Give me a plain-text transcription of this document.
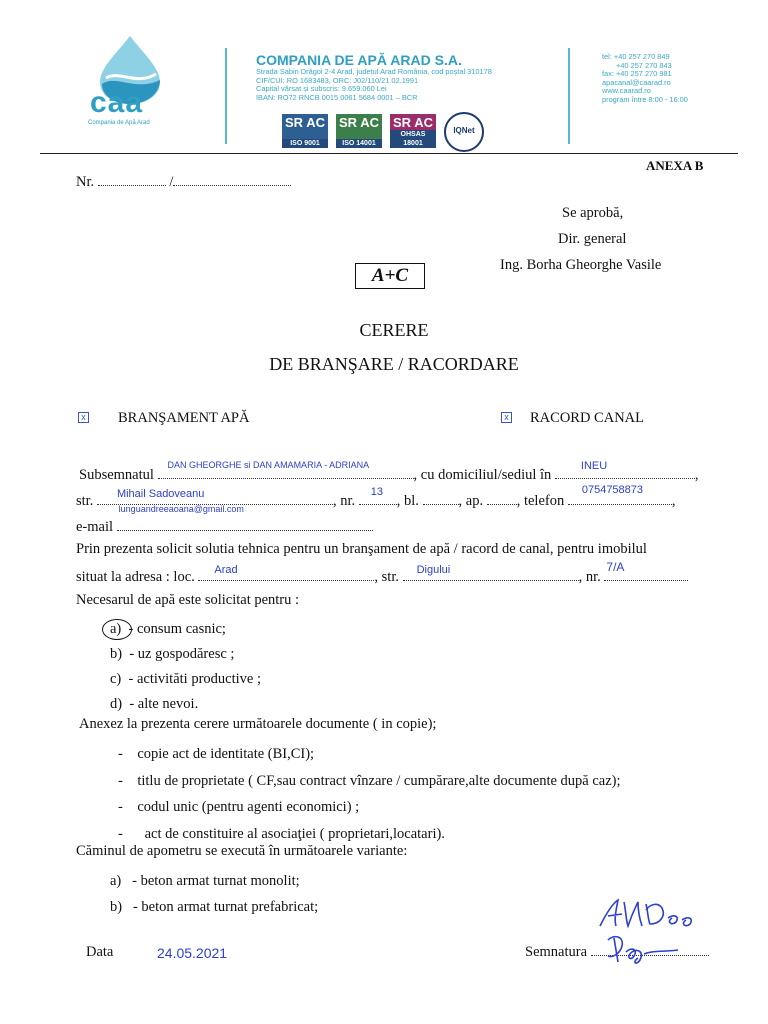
caa
Compania de Apă Arad
COMPANIA DE APĂ ARAD S.A.
Strada Sabin Drăgoi 2-4 Arad, județul Arad România, cod poștal 310178
CIF/CUI: RO 1683483, ORC: J02/110/21.02.1991
Capital vărsat și subscris: 9.659.060 Lei
IBAN: RO72 RNCB 0015 0061 5684 0001 – BCR
SR AC
ISO 9001
SR AC
ISO 14001
SR AC
OHSAS 18001
IQNet
tel: +40 257 270 849
+40 257 270 843
fax: +40 257 270 981
apacanal@caarad.ro
www.caarad.ro
program între 8:00 - 16:00
ANEXA B
Nr.	/
Se aprobă,
Dir. general
Ing. Borha Gheorghe Vasile
A+C
CERERE
DE BRANŞARE / RACORDARE
x BRANŞAMENT APĂ	x RACORD CANAL
Subsemnatul
DAN GHEORGHE si DAN AMAMARIA - ADRIANA
, cu domiciliul/sediul în
INEU
,
str. Mihail Sadoveanu	, nr.
13
, bl.	, ap. , telefon
0754758873
,
e-mail
lunguandreeaoana@gmail.com
Prin prezenta solicit solutia tehnica pentru un branşament de apă / racord de canal, pentru imobilul
situat la adresa : loc. Arad	, str. Digului	, nr.
7/A
Necesarul de apă este solicitat pentru :
a) - consum casnic;
b) - uz gospodăresc ;
c) - activităti productive ;
d) - alte nevoi.
Anexez la prezenta cerere următoarele documente ( in copie);
-    copie act de identitate (BI,CI);
-    titlu de proprietate ( CF,sau contract vînzare / cumpărare,alte documente după caz);
-    codul unic (pentru agenti economici) ;
-      act de constituire al asociaţiei ( proprietari,locatari).
Căminul de apometru se execută în următoarele variante:
a) - beton armat turnat monolit;
b) - beton armat turnat prefabricat;
Data	24.05.2021	Semnatura
